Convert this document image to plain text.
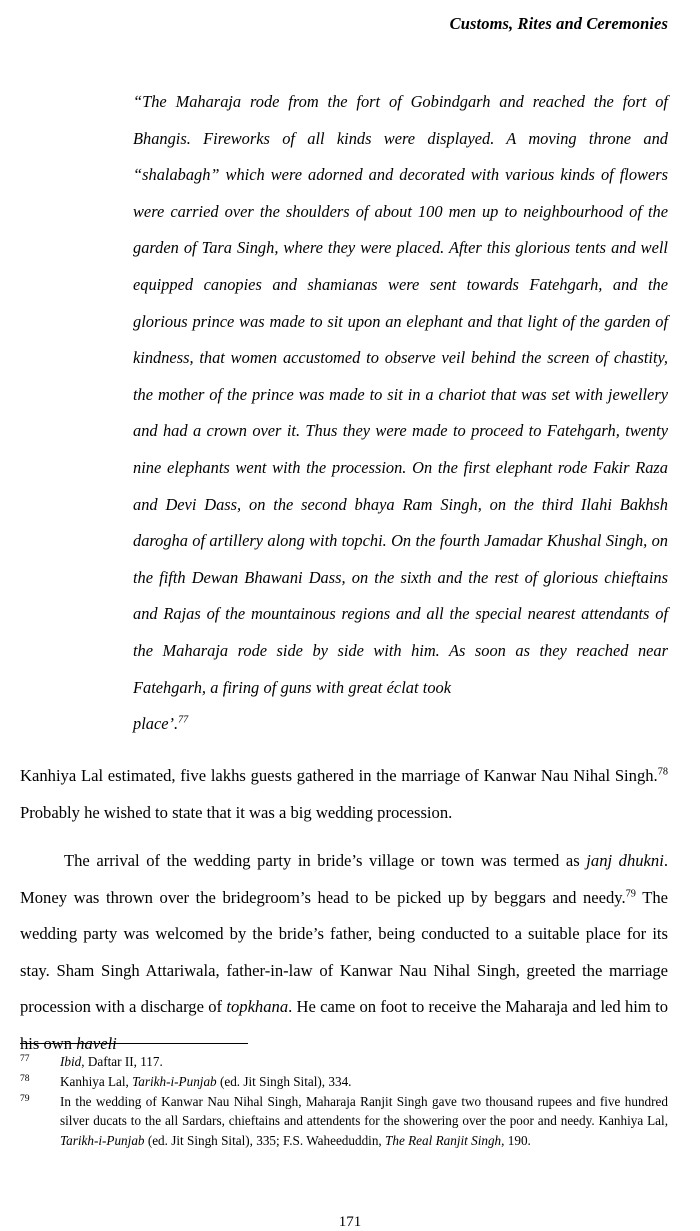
Customs, Rites and Ceremonies

“The Maharaja rode from the fort of Gobindgarh and reached the fort of Bhangis. Fireworks of all kinds were displayed. A moving throne and “shalabagh” which were adorned and decorated with various kinds of flowers were carried over the shoulders of about 100 men up to neighbourhood of the garden of Tara Singh, where they were placed. After this glorious tents and well equipped canopies and shamianas were sent towards Fatehgarh, and the glorious prince was made to sit upon an elephant and that light of the garden of kindness, that women accustomed to observe veil behind the screen of chastity, the mother of the prince was made to sit in a chariot that was set with jewellery and had a crown over it. Thus they were made to proceed to Fatehgarh, twenty nine elephants went with the procession. On the first elephant rode Fakir Raza and Devi Dass, on the second bhaya Ram Singh, on the third Ilahi Bakhsh darogha of artillery along with topchi. On the fourth Jamadar Khushal Singh, on the fifth Dewan Bhawani Dass, on the sixth and the rest of glorious chieftains and Rajas of the mountainous regions and all the special nearest attendants of the Maharaja rode side by side with him. As soon as they reached near Fatehgarh, a firing of guns with great éclat took

place’.$^{77}$

Kanhiya Lal estimated, five lakhs guests gathered in the marriage of Kanwar Nau Nihal Singh.$^{78}$ Probably he wished to state that it was a big wedding procession.

The arrival of the wedding party in bride’s village or town was termed as janj dhukni. Money was thrown over the bridegroom’s head to be picked up by beggars and needy.$^{79}$ The wedding party was welcomed by the bride’s father, being conducted to a suitable place for its stay. Sham Singh Attariwala, father-in-law of Kanwar Nau Nihal Singh, greeted the marriage procession with a discharge of topkhana. He came on foot to receive the Maharaja and led him to his own haveli

77	Ibid, Daftar II, 117.
78	Kanhiya Lal, Tarikh-i-Punjab (ed. Jit Singh Sital), 334.
79	In the wedding of Kanwar Nau Nihal Singh, Maharaja Ranjit Singh gave two thousand rupees and five hundred silver ducats to the all Sardars, chieftains and attendents for the showering over the poor and needy. Kanhiya Lal, Tarikh-i-Punjab (ed. Jit Singh Sital), 335; F.S. Waheeduddin, The Real Ranjit Singh, 190.
171
